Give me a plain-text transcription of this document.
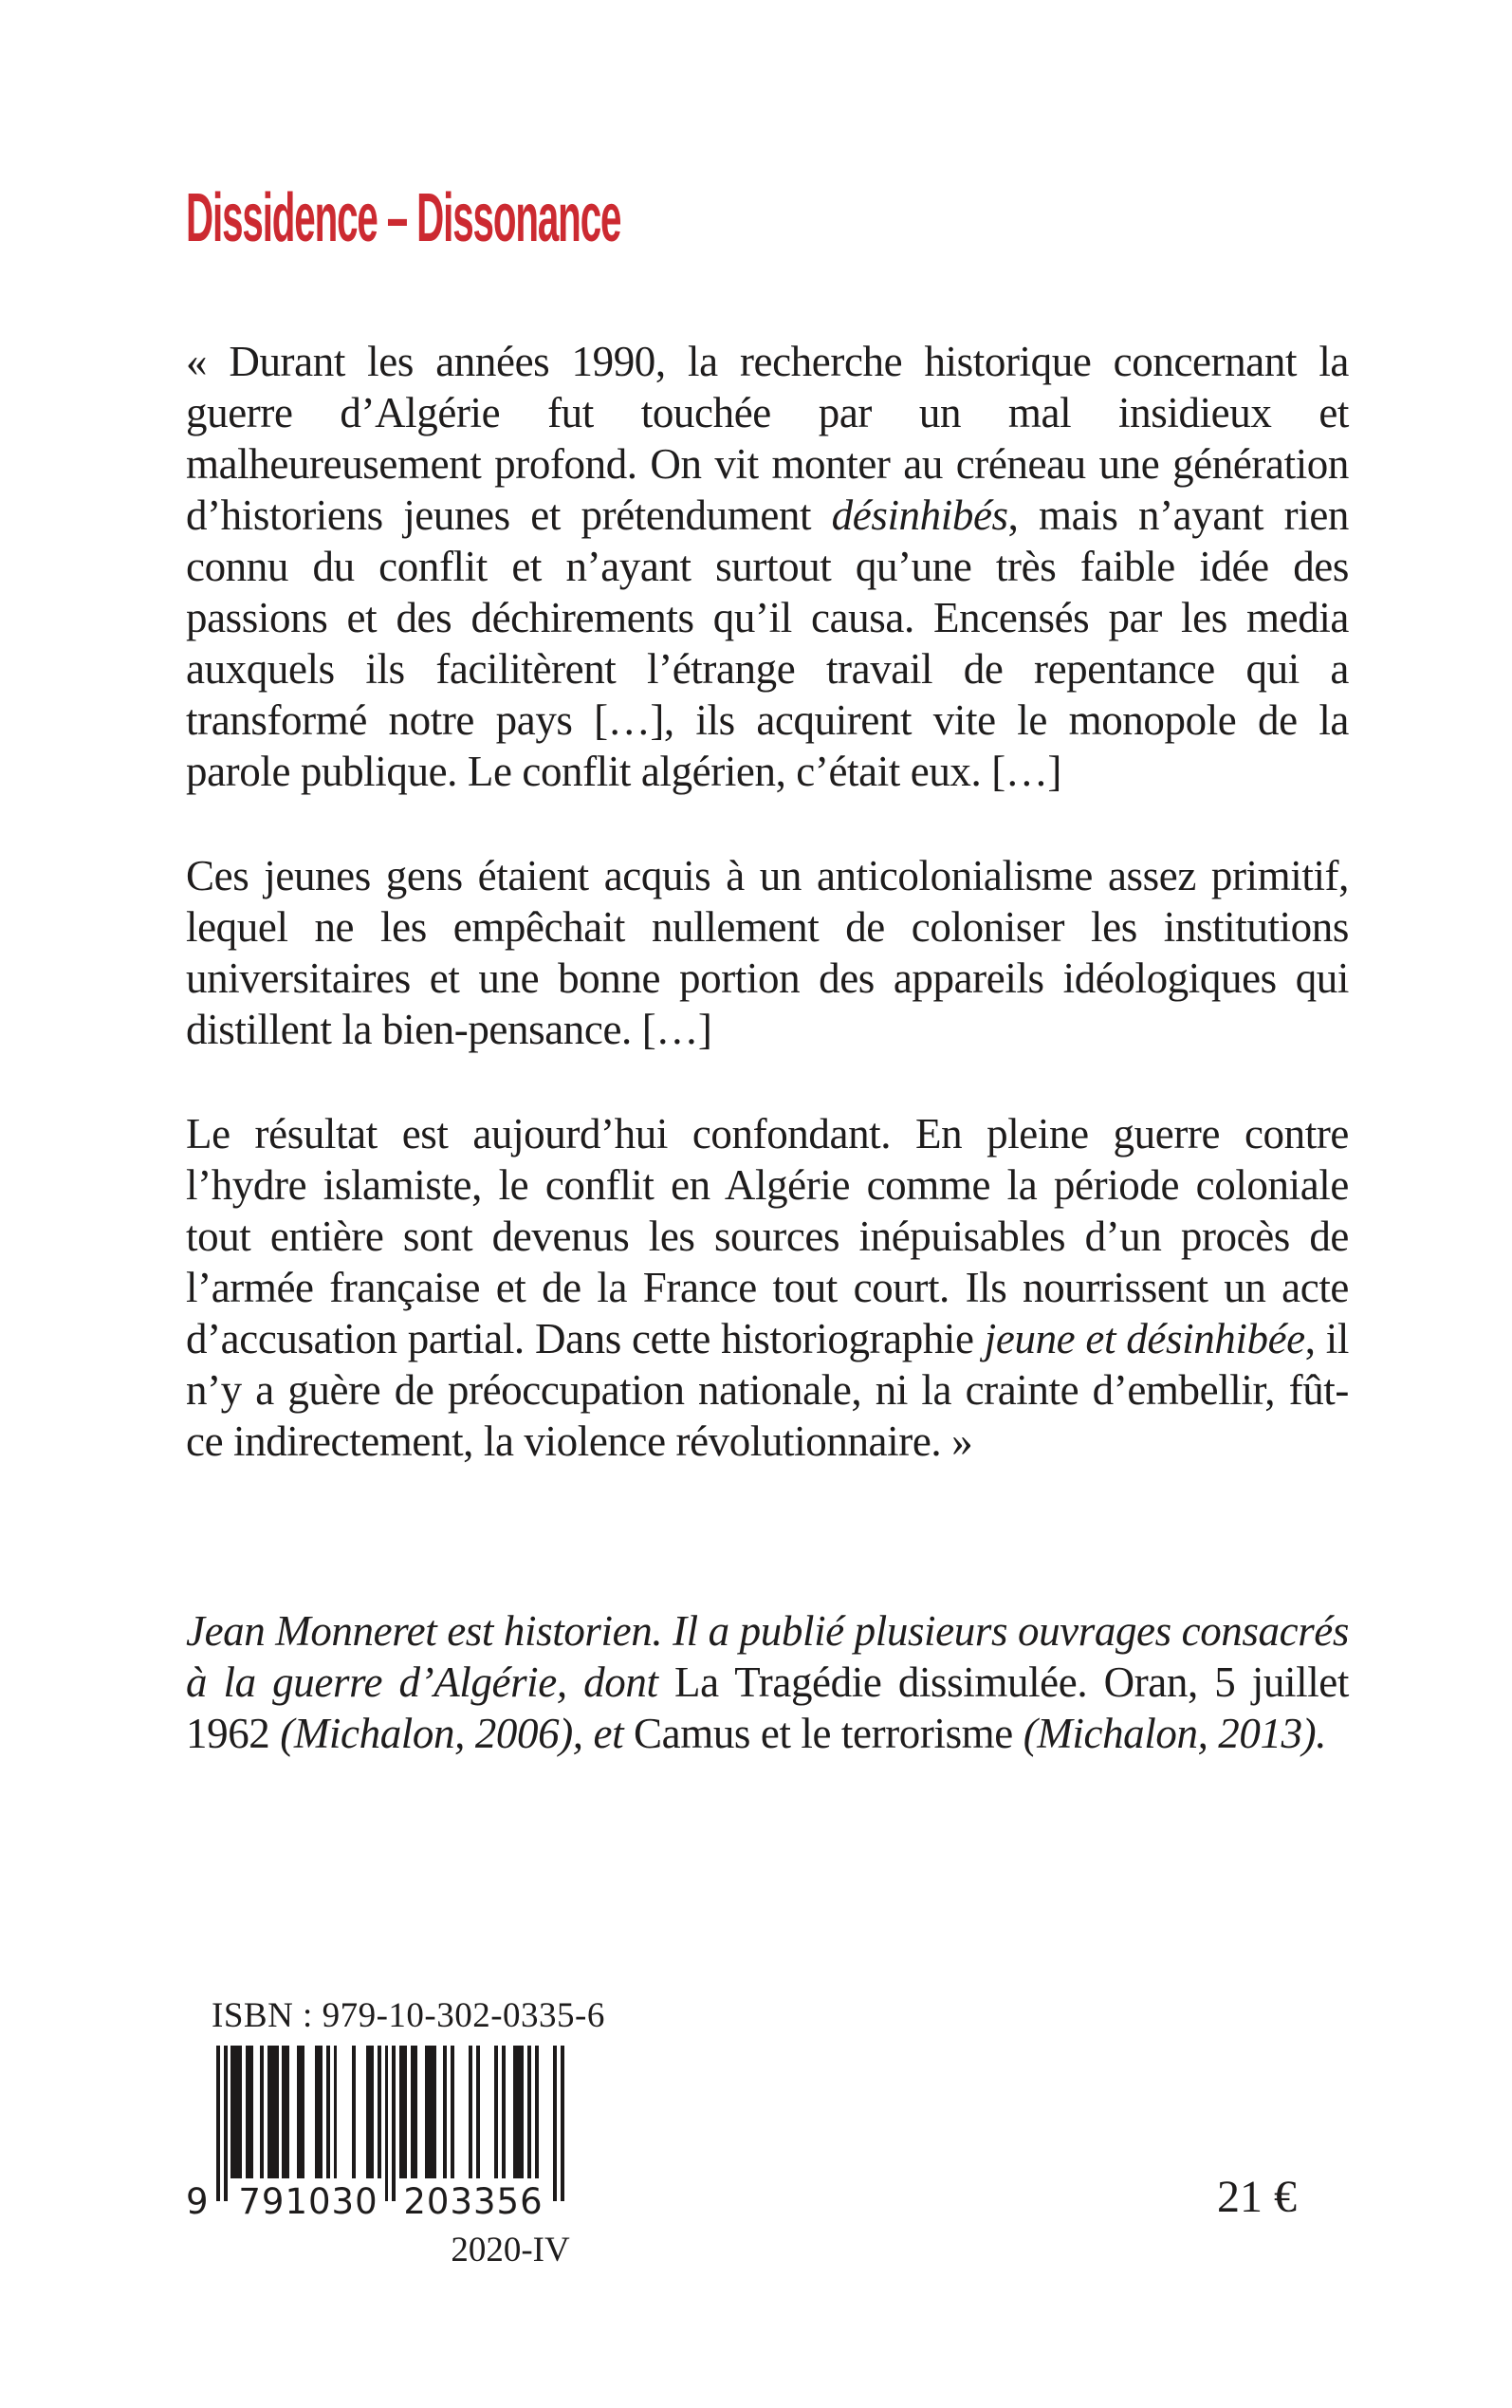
Dissidence – Dissonance

« Durant les années 1990, la recherche historique concernant la guerre d’Algérie fut touchée par un mal insidieux et malheureusement profond. On vit monter au créneau une génération d’historiens jeunes et prétendument désinhibés, mais n’ayant rien connu du conflit et n’ayant surtout qu’une très faible idée des passions et des déchirements qu’il causa. Encensés par les media auxquels ils facilitèrent l’étrange travail de repentance qui a transformé notre pays […], ils acquirent vite le monopole de la parole publique. Le conflit algérien, c’était eux. […]

Ces jeunes gens étaient acquis à un anticolonialisme assez primitif, lequel ne les empêchait nullement de coloniser les institutions universitaires et une bonne portion des appareils idéologiques qui distillent la bien-pensance. […]

Le résultat est aujourd’hui confondant. En pleine guerre contre l’hydre islamiste, le conflit en Algérie comme la période coloniale tout entière sont devenus les sources inépuisables d’un procès de l’armée française et de la France tout court. Ils nourrissent un acte d’accusation partial. Dans cette historiographie jeune et désinhibée, il n’y a guère de préoccupation nationale, ni la crainte d’embellir, fût-ce indirectement, la violence révolutionnaire. »

Jean Monneret est historien. Il a publié plusieurs ouvrages consacrés à la guerre d’Algérie, dont La Tragédie dissimulée. Oran, 5 juillet 1962 (Michalon, 2006), et Camus et le terrorisme (Michalon, 2013).

ISBN : 979-10-302-0335-6
9 791030 203356
2020-IV
21 €
